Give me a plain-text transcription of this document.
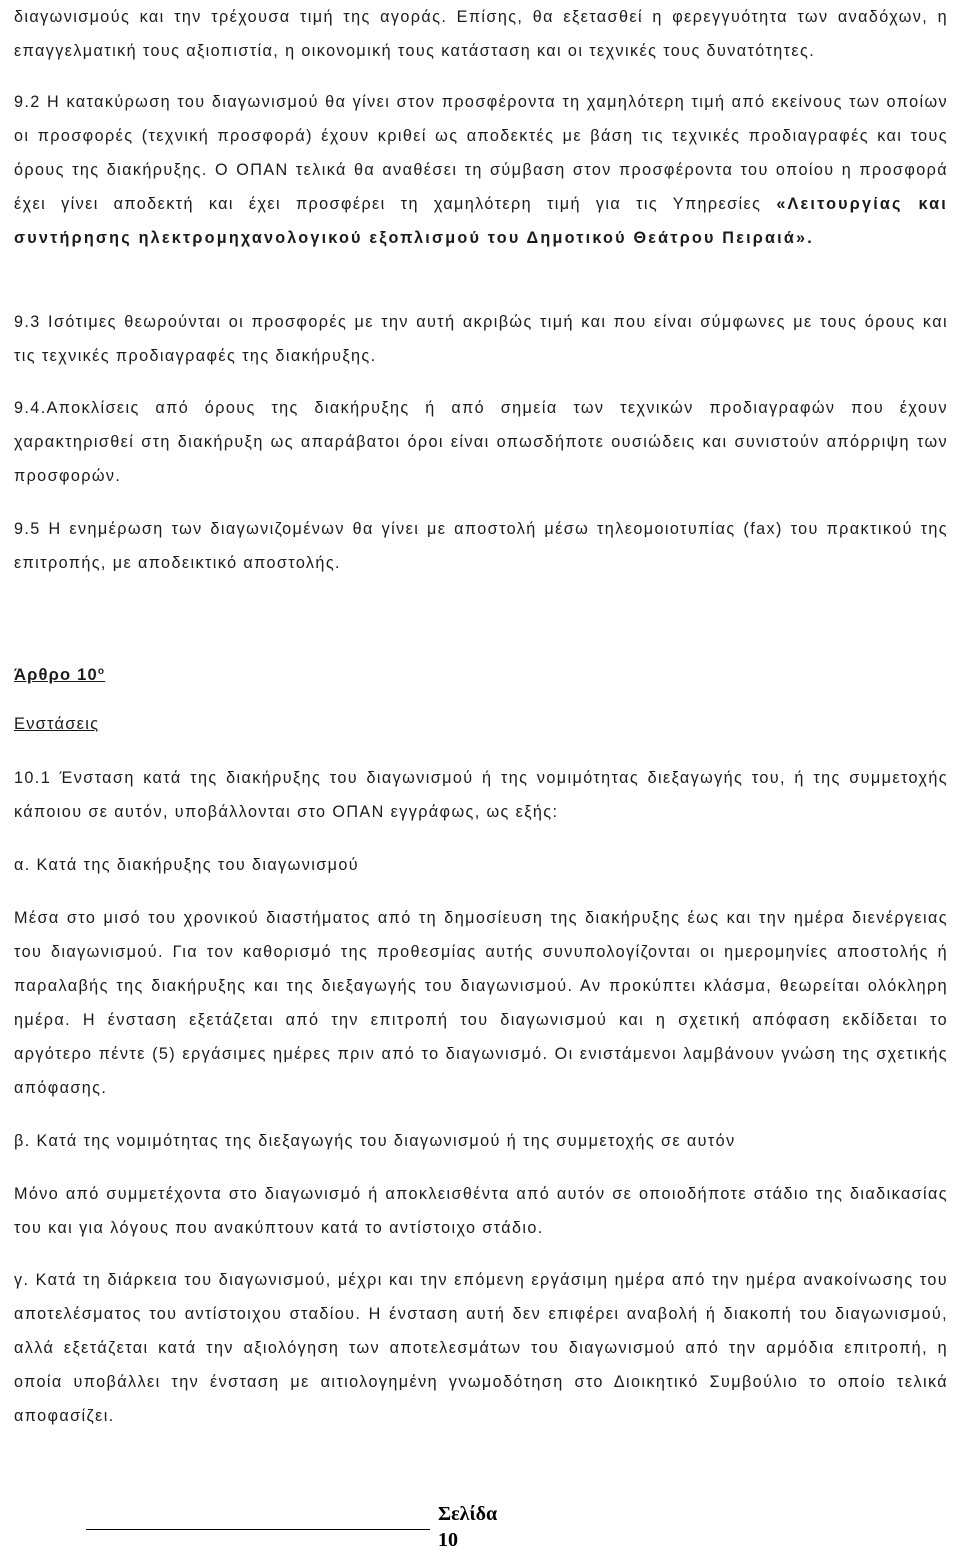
διαγωνισμούς και την τρέχουσα τιμή της αγοράς. Επίσης, θα εξετασθεί η φερεγγυότητα των αναδόχων, η επαγγελματική τους αξιοπιστία, η οικονομική τους κατάσταση και οι τεχνικές τους δυνατότητες.

9.2 Η κατακύρωση του διαγωνισμού θα γίνει στον προσφέροντα τη χαμηλότερη τιμή από εκείνους των οποίων οι προσφορές (τεχνική προσφορά) έχουν κριθεί ως αποδεκτές με βάση τις τεχνικές προδιαγραφές και τους όρους της διακήρυξης. Ο ΟΠΑΝ τελικά θα αναθέσει τη σύμβαση στον προσφέροντα του οποίου η προσφορά έχει γίνει αποδεκτή και έχει προσφέρει τη χαμηλότερη τιμή για τις Υπηρεσίες «Λειτουργίας και συντήρησης ηλεκτρομηχανολογικού εξοπλισμού του Δημοτικού Θεάτρου Πειραιά».

9.3 Ισότιμες θεωρούνται οι προσφορές με την αυτή ακριβώς τιμή και που είναι σύμφωνες με τους όρους και τις τεχνικές προδιαγραφές της διακήρυξης.

9.4.Αποκλίσεις από όρους της διακήρυξης ή από σημεία των τεχνικών προδιαγραφών που έχουν χαρακτηρισθεί στη διακήρυξη ως απαράβατοι όροι είναι οπωσδήποτε ουσιώδεις και συνιστούν απόρριψη των προσφορών.

9.5 Η ενημέρωση των διαγωνιζομένων θα γίνει με αποστολή μέσω τηλεομοιοτυπίας (fax) του πρακτικού της επιτροπής, με αποδεικτικό αποστολής.

Άρθρο $10^o$
Ενστάσεις

10.1 Ένσταση κατά της διακήρυξης του διαγωνισμού ή της νομιμότητας διεξαγωγής του, ή της συμμετοχής κάποιου σε αυτόν, υποβάλλονται στο ΟΠΑΝ εγγράφως, ως εξής:

α. Κατά της διακήρυξης του διαγωνισμού

Μέσα στο μισό του χρονικού διαστήματος από τη δημοσίευση της διακήρυξης έως και την ημέρα διενέργειας του διαγωνισμού. Για τον καθορισμό της προθεσμίας αυτής συνυπολογίζονται οι ημερομηνίες αποστολής ή παραλαβής της διακήρυξης και της διεξαγωγής του διαγωνισμού. Αν προκύπτει κλάσμα, θεωρείται ολόκληρη ημέρα. Η ένσταση εξετάζεται από την επιτροπή του διαγωνισμού και η σχετική απόφαση εκδίδεται το αργότερο πέντε (5) εργάσιμες ημέρες πριν από το διαγωνισμό. Οι ενιστάμενοι λαμβάνουν γνώση της σχετικής απόφασης.

β. Κατά της νομιμότητας της διεξαγωγής του διαγωνισμού ή της συμμετοχής σε αυτόν

Μόνο από συμμετέχοντα στο διαγωνισμό ή αποκλεισθέντα από αυτόν σε οποιοδήποτε στάδιο της διαδικασίας του και για λόγους που ανακύπτουν κατά το αντίστοιχο στάδιο.

γ. Κατά τη διάρκεια του διαγωνισμού, μέχρι και την επόμενη εργάσιμη ημέρα από την ημέρα ανακοίνωσης του αποτελέσματος του αντίστοιχου σταδίου. Η ένσταση αυτή δεν επιφέρει αναβολή ή διακοπή του διαγωνισμού, αλλά εξετάζεται κατά την αξιολόγηση των αποτελεσμάτων του διαγωνισμού από την αρμόδια επιτροπή, η οποία υποβάλλει την ένσταση με αιτιολογημένη γνωμοδότηση στο Διοικητικό Συμβούλιο το οποίο τελικά αποφασίζει.

Σελίδα
10
